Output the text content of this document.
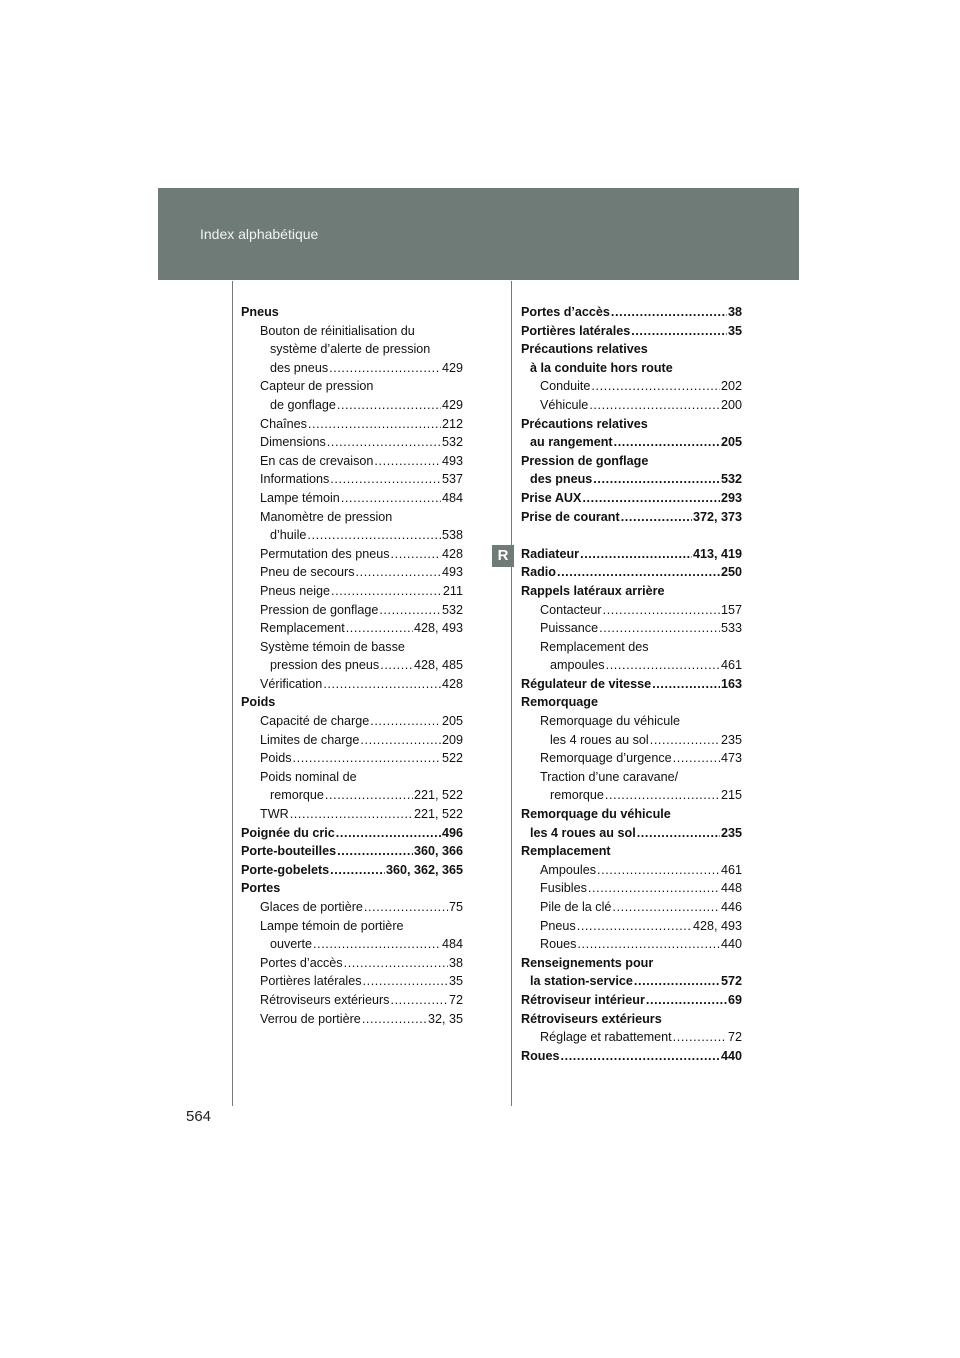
Index alphabétique
R
Pneus
Bouton de réinitialisation du
système d’alerte de pression
des pneus .....	429
Capteur de pression
de gonflage .....	429
Chaînes .....	212
Dimensions .....	532
En cas de crevaison .....	493
Informations .....	537
Lampe témoin .....	484
Manomètre de pression
d’huile .....	538
Permutation des pneus .....	428
Pneu de secours .....	493
Pneus neige .....	211
Pression de gonflage .....	532
Remplacement .....	428, 493
Système témoin de basse
pression des pneus .....	428, 485
Vérification .....	428
Poids
Capacité de charge .....	205
Limites de charge .....	209
Poids .....	522
Poids nominal de
remorque .....	221, 522
TWR .....	221, 522
Poignée du cric .....	496
Porte-bouteilles .....	360, 366
Porte-gobelets .....	360, 362, 365
Portes
Glaces de portière .....	75
Lampe témoin de portière
ouverte .....	484
Portes d’accès .....	38
Portières latérales .....	35
Rétroviseurs extérieurs .....	72
Verrou de portière .....	32, 35
Portes d’accès .....	38
Portières latérales .....	35
Précautions relatives
à la conduite hors route
Conduite .....	202
Véhicule .....	200
Précautions relatives
au rangement .....	205
Pression de gonflage
des pneus .....	532
Prise AUX .....	293
Prise de courant .....	372, 373
Radiateur .....	413, 419
Radio .....	250
Rappels latéraux arrière
Contacteur .....	157
Puissance .....	533
Remplacement des
ampoules .....	461
Régulateur de vitesse .....	163
Remorquage
Remorquage du véhicule
les 4 roues au sol .....	235
Remorquage d’urgence .....	473
Traction d’une caravane/
remorque .....	215
Remorquage du véhicule
les 4 roues au sol .....	235
Remplacement
Ampoules .....	461
Fusibles .....	448
Pile de la clé .....	446
Pneus .....	428, 493
Roues .....	440
Renseignements pour
la station-service .....	572
Rétroviseur intérieur .....	69
Rétroviseurs extérieurs
Réglage et rabattement .....	72
Roues .....	440
564
